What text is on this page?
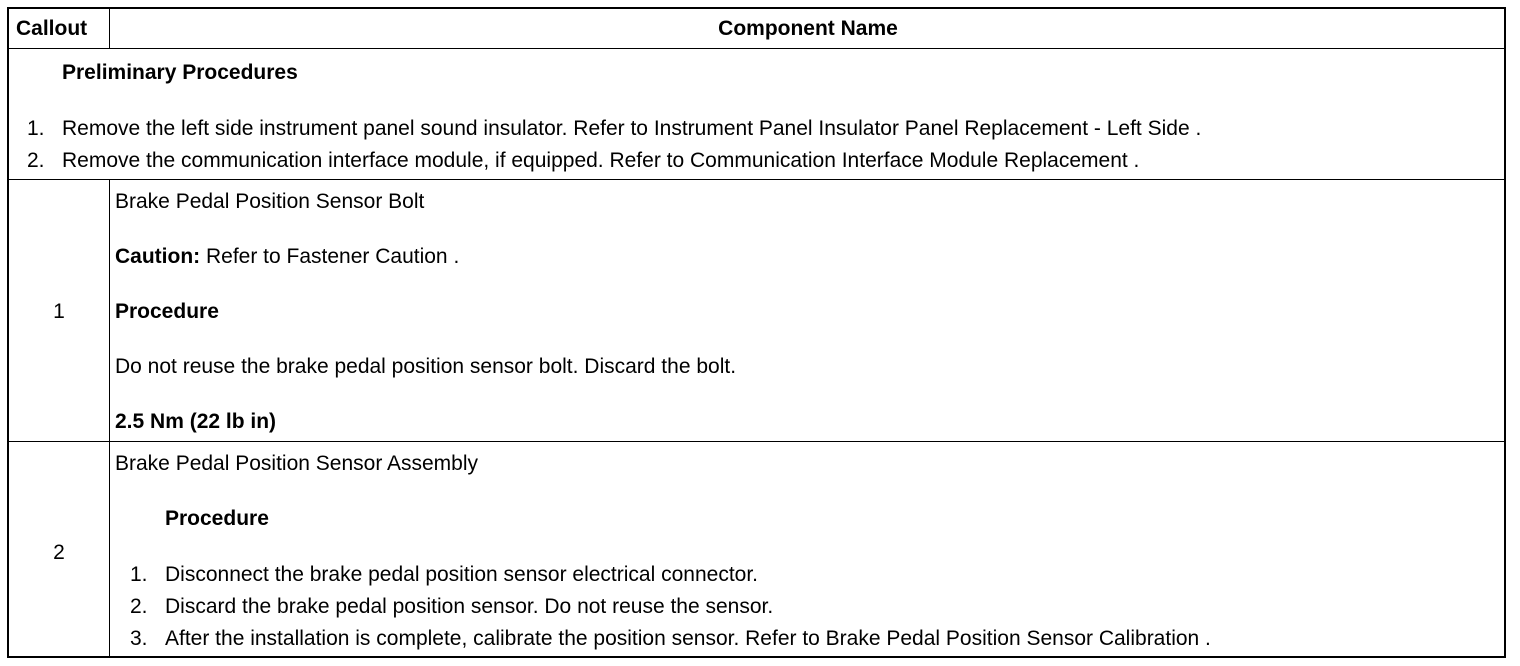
Callout	Component Name
Preliminary Procedures
1. Remove the left side instrument panel sound insulator. Refer to Instrument Panel Insulator Panel Replacement - Left Side .
2. Remove the communication interface module, if equipped. Refer to Communication Interface Module Replacement .
1
Brake Pedal Position Sensor Bolt
Caution: Refer to Fastener Caution .
Procedure
Do not reuse the brake pedal position sensor bolt. Discard the bolt.
2.5 Nm (22 lb in)
2
Brake Pedal Position Sensor Assembly
Procedure
1. Disconnect the brake pedal position sensor electrical connector.
2. Discard the brake pedal position sensor. Do not reuse the sensor.
3. After the installation is complete, calibrate the position sensor. Refer to Brake Pedal Position Sensor Calibration .
